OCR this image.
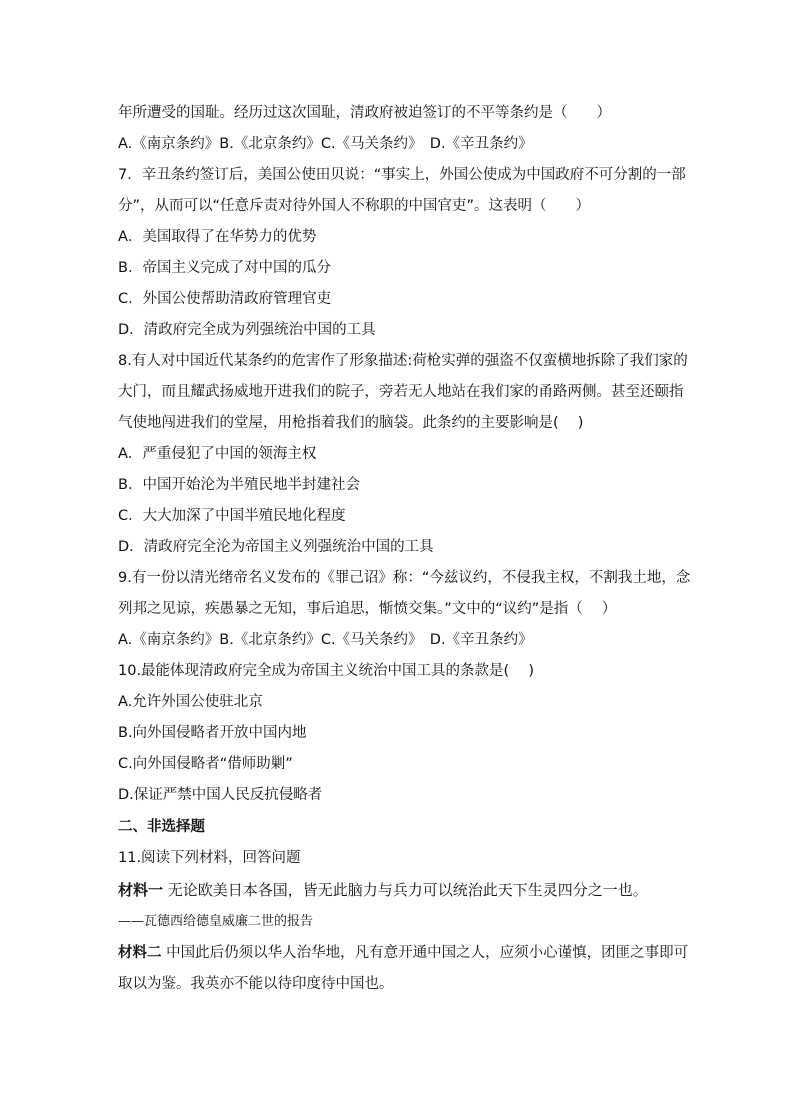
年所遭受的国耻。经历过这次国耻，清政府被迫签订的不平等条约是（　　）
A.《南京条约》B.《北京条约》C.《马关条约》　D.《辛丑条约》
7．辛丑条约签订后，美国公使田贝说：“事实上，外国公使成为中国政府不可分割的一部
分”，从而可以“任意斥责对待外国人不称职的中国官吏”。这表明（　　）
A．美国取得了在华势力的优势
B．帝国主义完成了对中国的瓜分
C．外国公使帮助清政府管理官吏
D．清政府完全成为列强统治中国的工具
8.有人对中国近代某条约的危害作了形象描述:荷枪实弹的强盗不仅蛮横地拆除了我们家的
大门，而且耀武扬威地开进我们的院子，旁若无人地站在我们家的甬路两侧。甚至还颐指
气使地闯进我们的堂屋，用枪指着我们的脑袋。此条约的主要影响是(　 )
A．严重侵犯了中国的领海主权
B．中国开始沦为半殖民地半封建社会
C．大大加深了中国半殖民地化程度
D．清政府完全沦为帝国主义列强统治中国的工具
9.有一份以清光绪帝名义发布的《罪己诏》称：“今兹议约，不侵我主权，不割我土地，念
列邦之见谅，疾愚暴之无知，事后追思，惭愤交集。”文中的“议约”是指（　 ）
A.《南京条约》B.《北京条约》C.《马关条约》　D.《辛丑条约》
10.最能体现清政府完全成为帝国主义统治中国工具的条款是(　 )
A.允许外国公使驻北京
B.向外国侵略者开放中国内地
C.向外国侵略者“借师助剿”
D.保证严禁中国人民反抗侵略者
二、非选择题
11.阅读下列材料，回答问题
材料一 无论欧美日本各国，皆无此脑力与兵力可以统治此天下生灵四分之一也。
——瓦德西给德皇威廉二世的报告
材料二 中国此后仍须以华人治华地，凡有意开通中国之人，应须小心谨慎，团匪之事即可
取以为鉴。我英亦不能以待印度待中国也。
